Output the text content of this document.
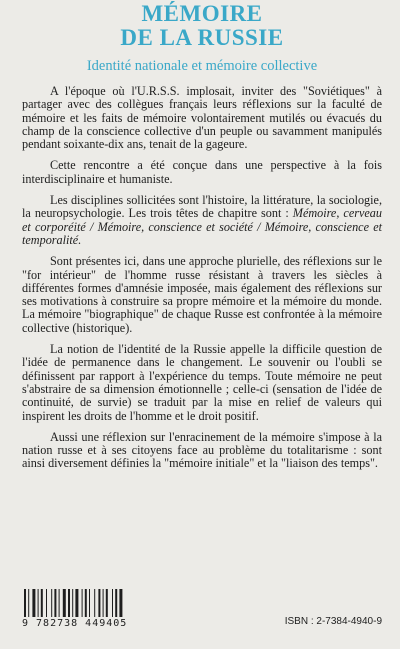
MÉMOIRE
DE LA RUSSIE
Identité nationale et mémoire collective

A l'époque où l'U.R.S.S. implosait, inviter des "Soviétiques" à partager avec des collègues français leurs réflexions sur la faculté de mémoire et les faits de mémoire volontairement mutilés ou évacués du champ de la conscience collective d'un peuple ou savamment manipulés pendant soixante-dix ans, tenait de la gageure.

Cette rencontre a été conçue dans une perspective à la fois interdisciplinaire et humaniste.

Les disciplines sollicitées sont l'histoire, la littérature, la sociologie, la neuropsychologie. Les trois têtes de chapitre sont : Mémoire, cerveau et corporéité / Mémoire, conscience et société / Mémoire, conscience et temporalité.

Sont présentes ici, dans une approche plurielle, des réflexions sur le "for intérieur" de l'homme russe résistant à travers les siècles à différentes formes d'amnésie imposée, mais également des réflexions sur ses motivations à construire sa propre mémoire et la mémoire du monde. La mémoire "biographique" de chaque Russe est confrontée à la mémoire collective (historique).

La notion de l'identité de la Russie appelle la difficile question de l'idée de permanence dans le changement. Le souvenir ou l'oubli se définissent par rapport à l'expérience du temps. Toute mémoire ne peut s'abstraire de sa dimension émotionnelle ; celle-ci (sensation de l'idée de continuité, de survie) se traduit par la mise en relief de valeurs qui inspirent les droits de l'homme et le droit positif.

Aussi une réflexion sur l'enracinement de la mémoire s'impose à la nation russe et à ses citoyens face au problème du totalitarisme : sont ainsi diversement définies la "mémoire initiale" et la "liaison des temps".

9 782738 449405	ISBN : 2-7384-4940-9
